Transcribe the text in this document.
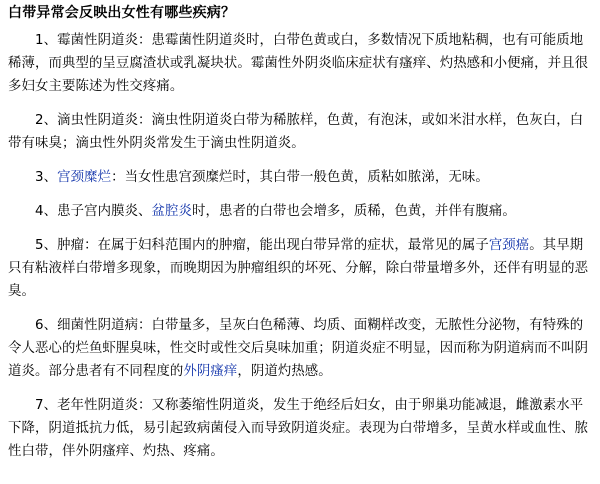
白带异常会反映出女性有哪些疾病？
1、霉菌性阴道炎：患霉菌性阴道炎时，白带色黄或白，多数情况下质地粘稠，也有可能质地稀薄，而典型的呈豆腐渣状或乳凝块状。霉菌性外阴炎临床症状有瘙痒、灼热感和小便痛，并且很多妇女主要陈述为性交疼痛。
2、滴虫性阴道炎：滴虫性阴道炎白带为稀脓样，色黄，有泡沫，或如米泔水样，色灰白，白带有味臭；滴虫性外阴炎常发生于滴虫性阴道炎。
3、宫颈糜烂：当女性患宫颈糜烂时，其白带一般色黄，质粘如脓涕，无味。
4、患子宫内膜炎、盆腔炎时，患者的白带也会增多，质稀，色黄，并伴有腹痛。
5、肿瘤：在属于妇科范围内的肿瘤，能出现白带异常的症状，最常见的属子宫颈癌。其早期只有粘液样白带增多现象，而晚期因为肿瘤组织的坏死、分解，除白带量增多外，还伴有明显的恶臭。
6、细菌性阴道病：白带量多，呈灰白色稀薄、均质、面糊样改变，无脓性分泌物，有特殊的令人恶心的烂鱼虾腥臭味，性交时或性交后臭味加重；阴道炎症不明显，因而称为阴道病而不叫阴道炎。部分患者有不同程度的外阴瘙痒，阴道灼热感。
7、老年性阴道炎：又称萎缩性阴道炎，发生于绝经后妇女，由于卵巢功能减退，雌激素水平下降，阴道抵抗力低，易引起致病菌侵入而导致阴道炎症。表现为白带增多，呈黄水样或血性、脓性白带，伴外阴瘙痒、灼热、疼痛。
